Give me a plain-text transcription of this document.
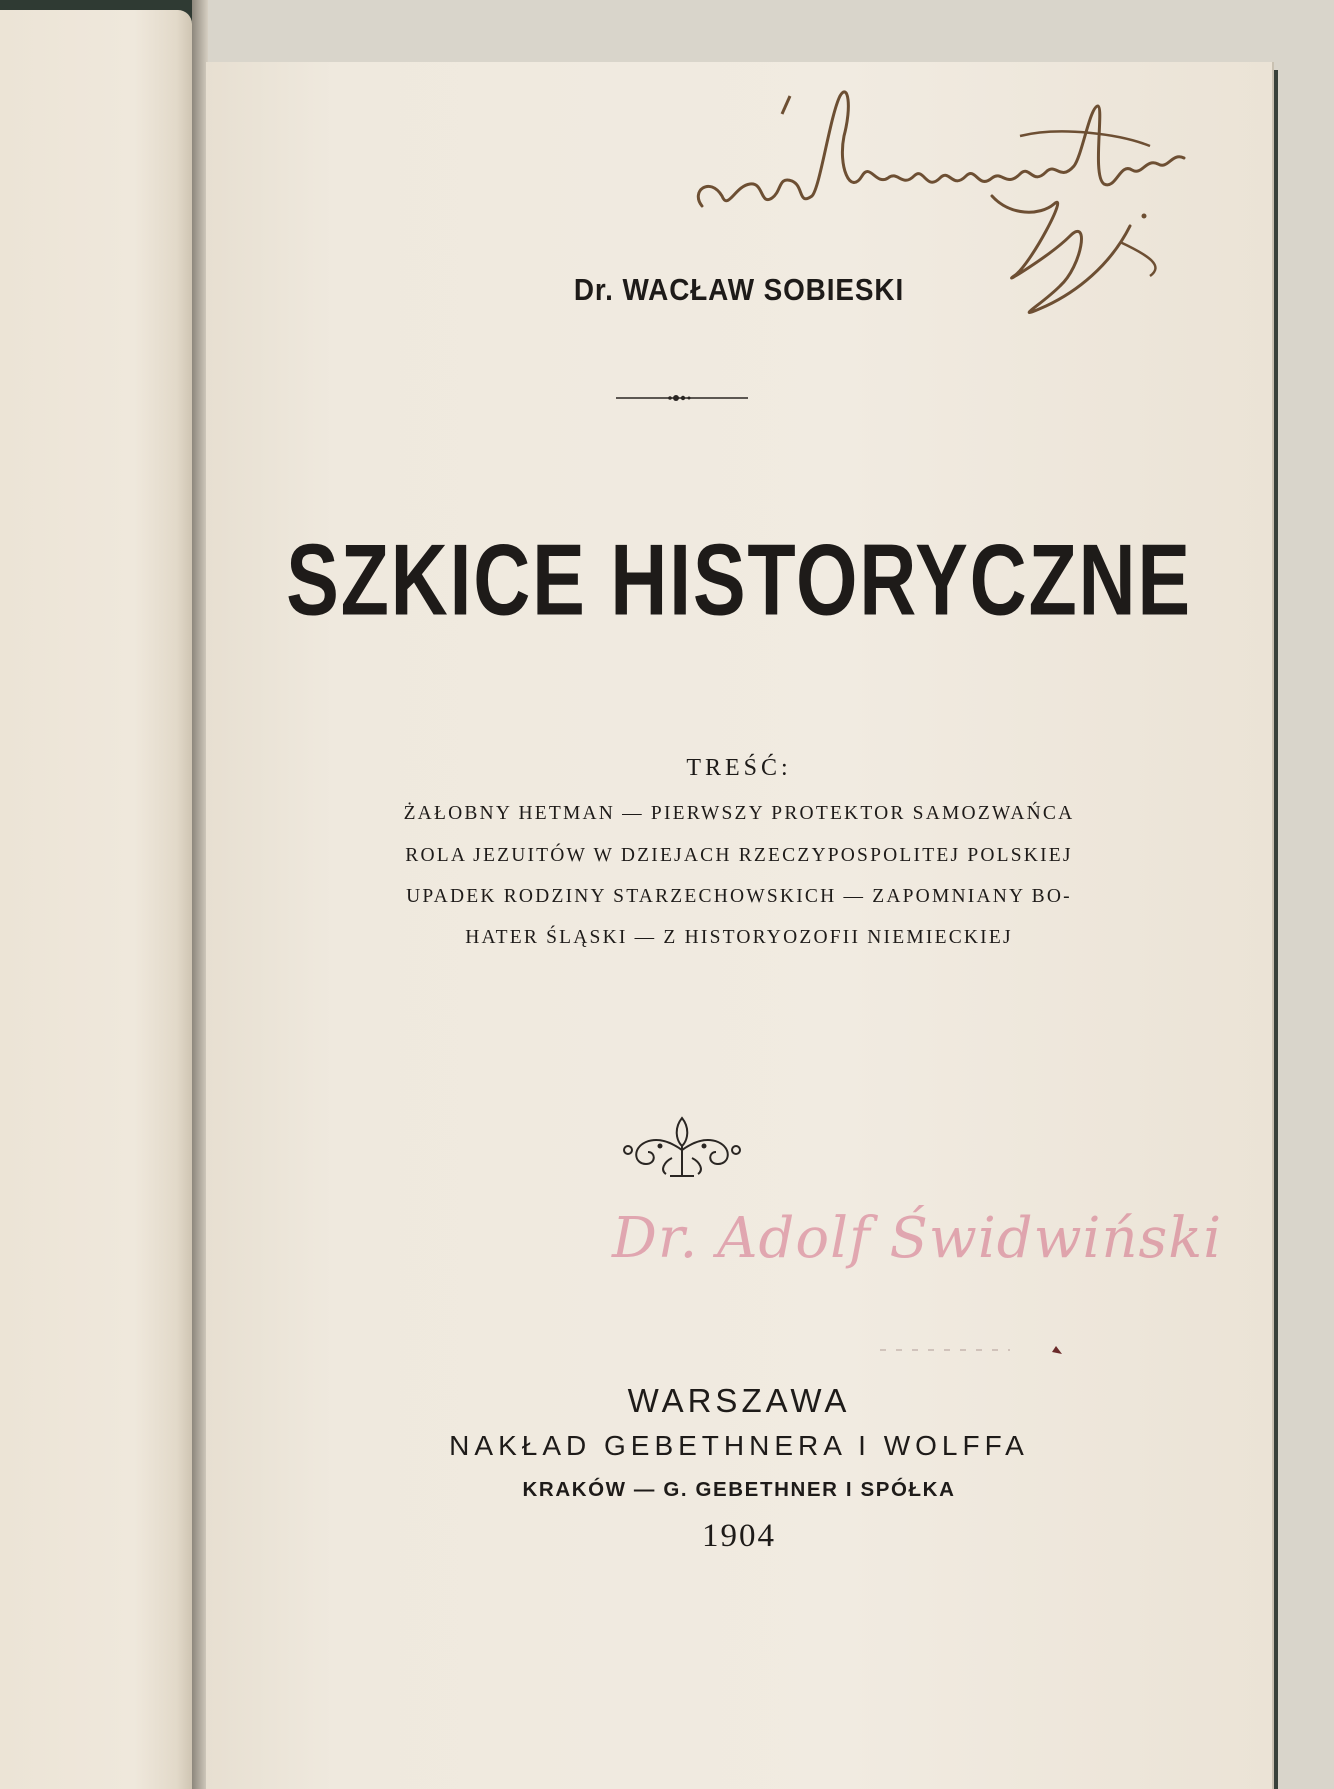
Dr. WACŁAW SOBIESKI
SZKICE HISTORYCZNE
TREŚĆ:
ŻAŁOBNY HETMAN — PIERWSZY PROTEKTOR SAMOZWAŃCA
ROLA JEZUITÓW W DZIEJACH RZECZYPOSPOLITEJ POLSKIEJ
UPADEK RODZINY STARZECHOWSKICH — ZAPOMNIANY BO-
HATER ŚLĄSKI — Z HISTORYOZOFII NIEMIECKIEJ
Dr. Adolf Świdwiński
WARSZAWA
NAKŁAD GEBETHNERA I WOLFFA
KRAKÓW — G. GEBETHNER I SPÓŁKA
1904
